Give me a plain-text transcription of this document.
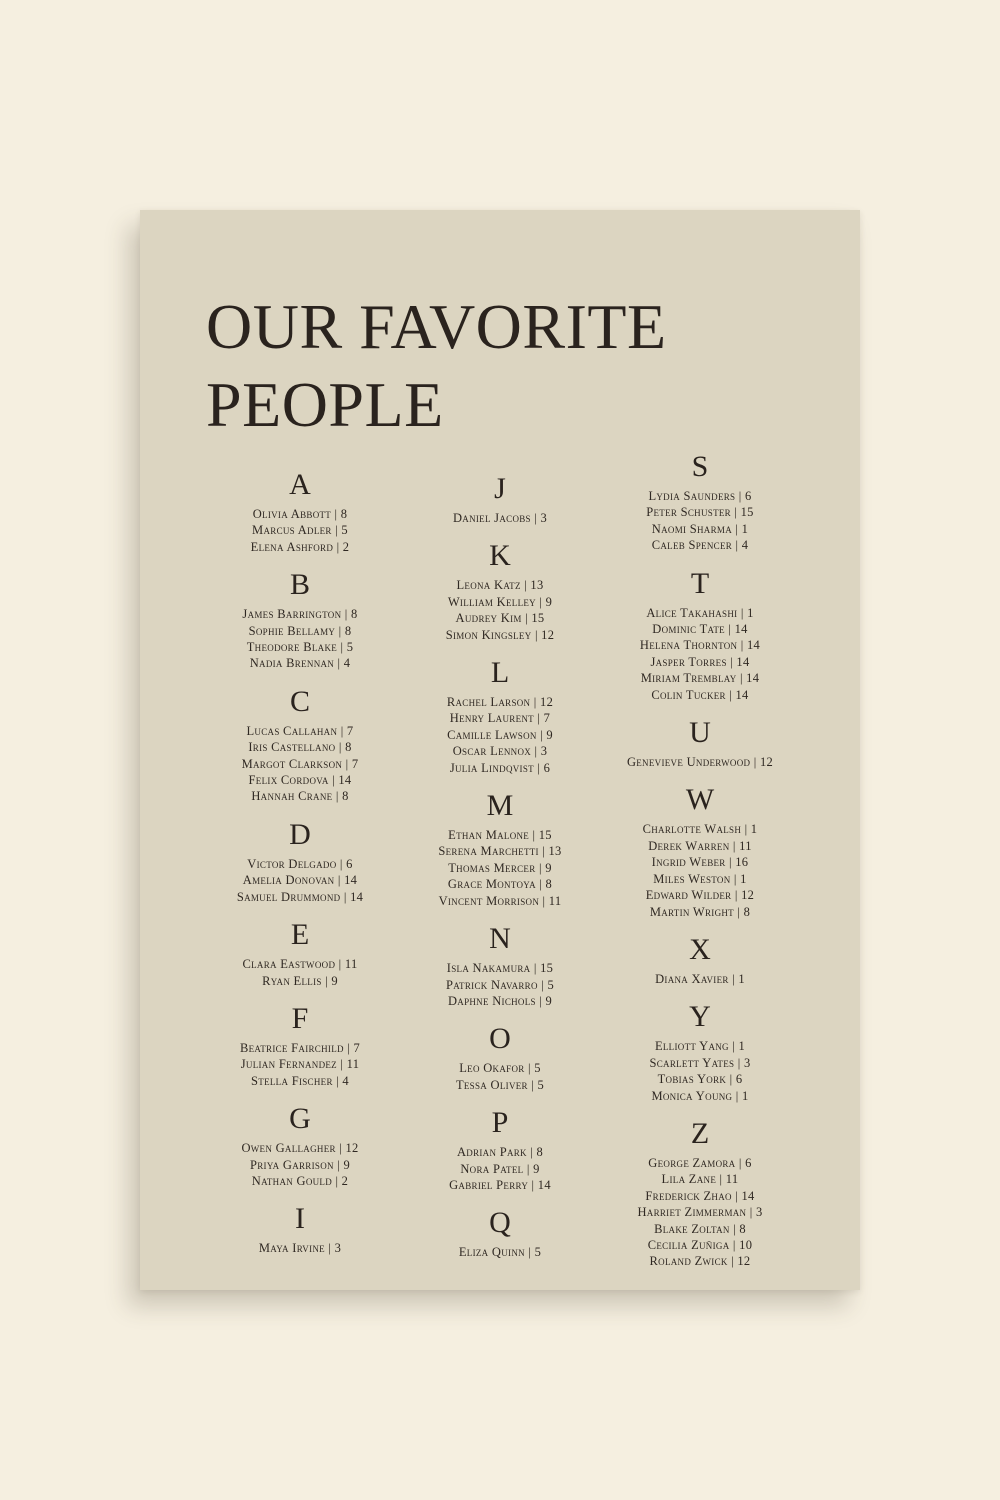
OUR FAVORITE
PEOPLE
A
Olivia Abbott | 8
Marcus Adler | 5
Elena Ashford | 2
B
James Barrington | 8
Sophie Bellamy | 8
Theodore Blake | 5
Nadia Brennan | 4
C
Lucas Callahan | 7
Iris Castellano | 8
Margot Clarkson | 7
Felix Cordova | 14
Hannah Crane | 8
D
Victor Delgado | 6
Amelia Donovan | 14
Samuel Drummond | 14
E
Clara Eastwood | 11
Ryan Ellis | 9
F
Beatrice Fairchild | 7
Julian Fernandez | 11
Stella Fischer | 4
G
Owen Gallagher | 12
Priya Garrison | 9
Nathan Gould | 2
I
Maya Irvine | 3
J
Daniel Jacobs | 3
K
Leona Katz | 13
William Kelley | 9
Audrey Kim | 15
Simon Kingsley | 12
L
Rachel Larson | 12
Henry Laurent | 7
Camille Lawson | 9
Oscar Lennox | 3
Julia Lindqvist | 6
M
Ethan Malone | 15
Serena Marchetti | 13
Thomas Mercer | 9
Grace Montoya | 8
Vincent Morrison | 11
N
Isla Nakamura | 15
Patrick Navarro | 5
Daphne Nichols | 9
O
Leo Okafor | 5
Tessa Oliver | 5
P
Adrian Park | 8
Nora Patel | 9
Gabriel Perry | 14
Q
Eliza Quinn | 5
S
Lydia Saunders | 6
Peter Schuster | 15
Naomi Sharma | 1
Caleb Spencer | 4
T
Alice Takahashi | 1
Dominic Tate | 14
Helena Thornton | 14
Jasper Torres | 14
Miriam Tremblay | 14
Colin Tucker | 14
U
Genevieve Underwood | 12
W
Charlotte Walsh | 1
Derek Warren | 11
Ingrid Weber | 16
Miles Weston | 1
Edward Wilder | 12
Martin Wright | 8
X
Diana Xavier | 1
Y
Elliott Yang | 1
Scarlett Yates | 3
Tobias York | 6
Monica Young | 1
Z
George Zamora | 6
Lila Zane | 11
Frederick Zhao | 14
Harriet Zimmerman | 3
Blake Zoltan | 8
Cecilia Zuñiga | 10
Roland Zwick | 12
